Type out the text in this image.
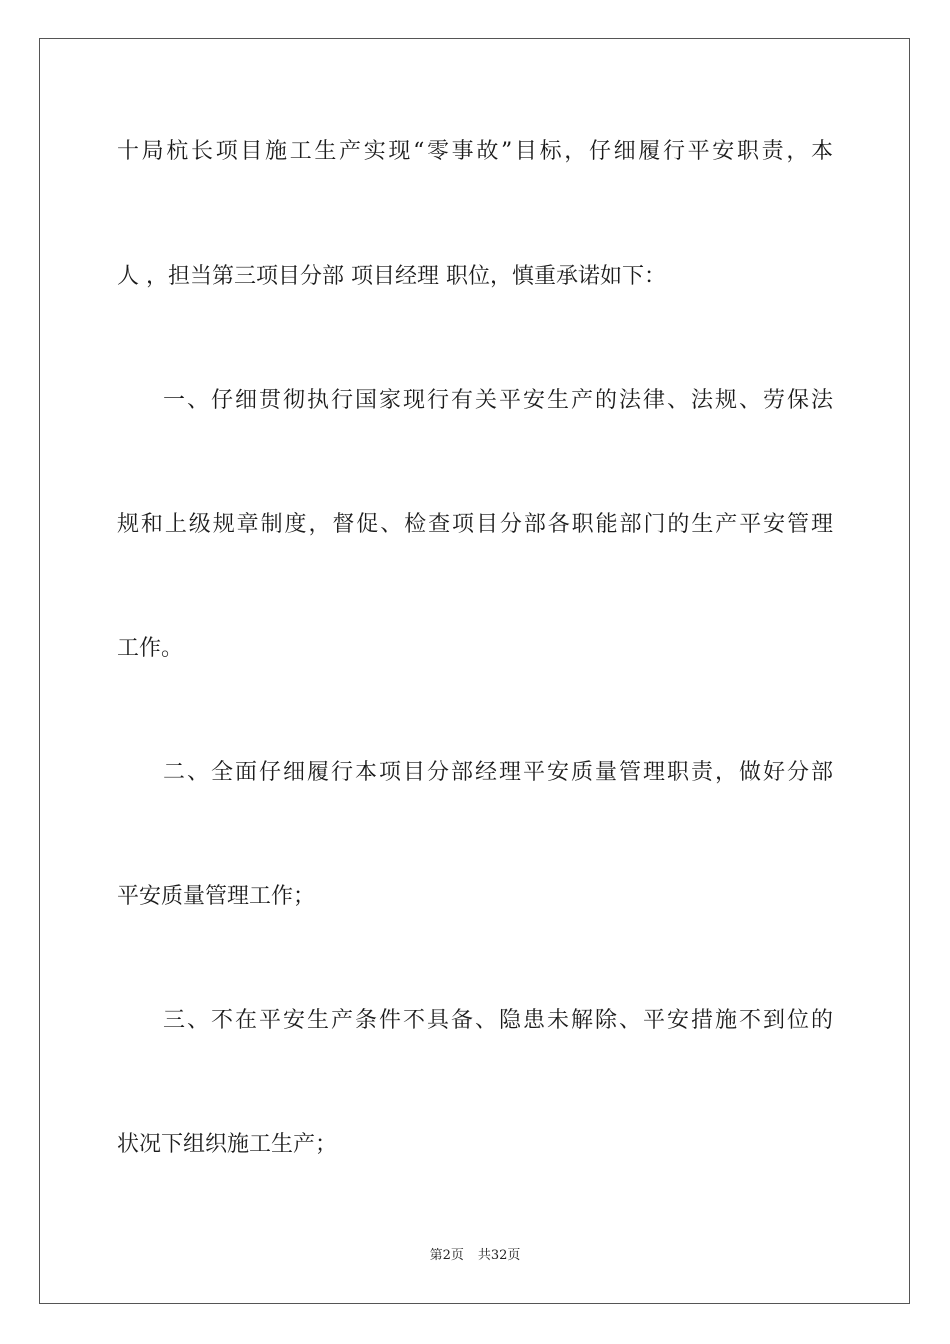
十局杭长项目施工生产实现“零事故”目标，仔细履行平安职责，本
人 ，担当第三项目分部 项目经理 职位，慎重承诺如下：
一、仔细贯彻执行国家现行有关平安生产的法律、法规、劳保法
规和上级规章制度，督促、检查项目分部各职能部门的生产平安管理
工作。
二、全面仔细履行本项目分部经理平安质量管理职责，做好分部
平安质量管理工作；
三、不在平安生产条件不具备、隐患未解除、平安措施不到位的
状况下组织施工生产；
第2页 共32页
